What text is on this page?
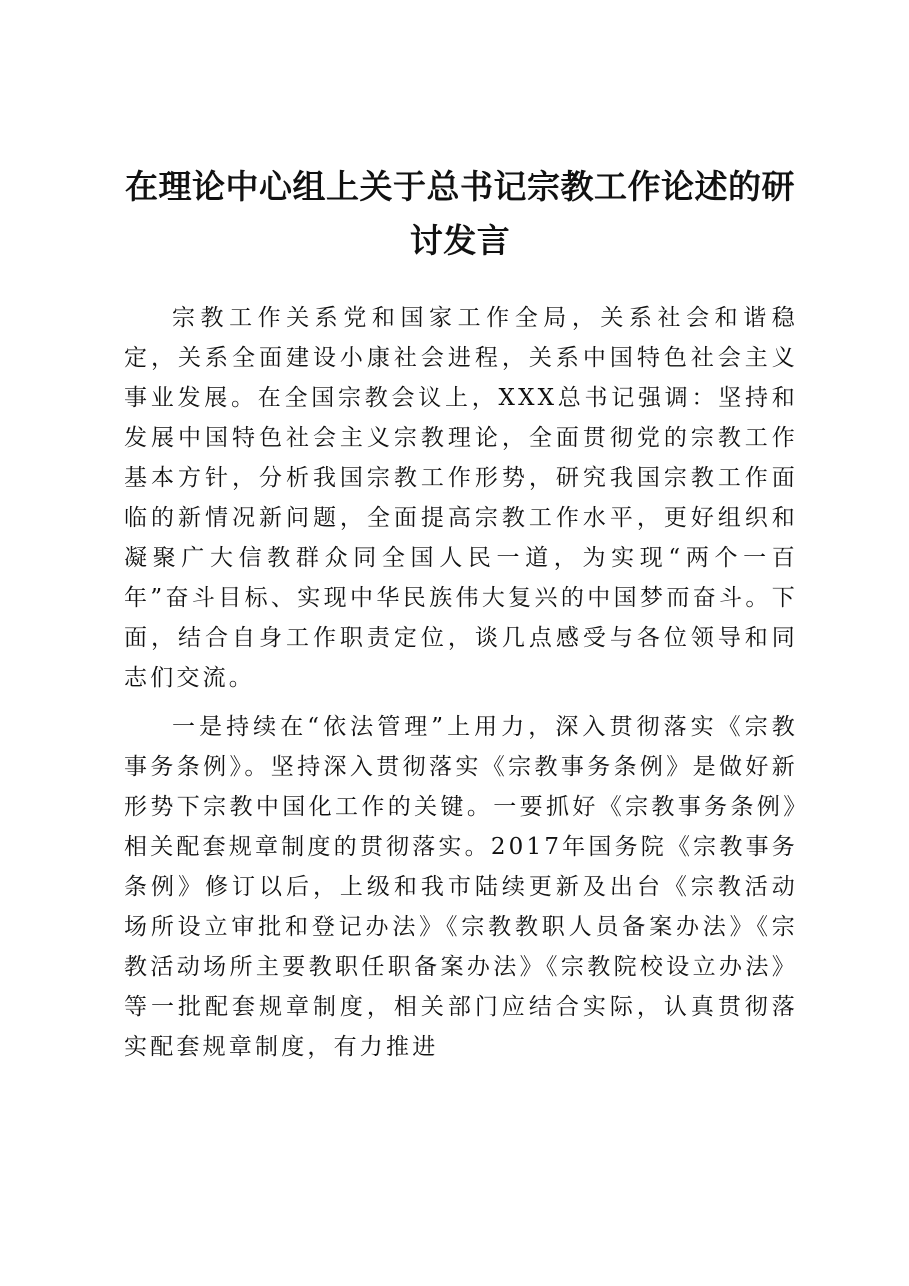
在理论中心组上关于总书记宗教工作论述的研讨发言

宗教工作关系党和国家工作全局，关系社会和谐稳定，关系全面建设小康社会进程，关系中国特色社会主义事业发展。在全国宗教会议上，XXX总书记强调：坚持和发展中国特色社会主义宗教理论，全面贯彻党的宗教工作基本方针，分析我国宗教工作形势，研究我国宗教工作面临的新情况新问题，全面提高宗教工作水平，更好组织和凝聚广大信教群众同全国人民一道，为实现“两个一百年”奋斗目标、实现中华民族伟大复兴的中国梦而奋斗。下面，结合自身工作职责定位，谈几点感受与各位领导和同志们交流。

一是持续在“依法管理”上用力，深入贯彻落实《宗教事务条例》。坚持深入贯彻落实《宗教事务条例》是做好新形势下宗教中国化工作的关键。一要抓好《宗教事务条例》相关配套规章制度的贯彻落实。2017年国务院《宗教事务条例》修订以后，上级和我市陆续更新及出台《宗教活动场所设立审批和登记办法》《宗教教职人员备案办法》《宗教活动场所主要教职任职备案办法》《宗教院校设立办法》等一批配套规章制度，相关部门应结合实际，认真贯彻落实配套规章制度，有力推进
